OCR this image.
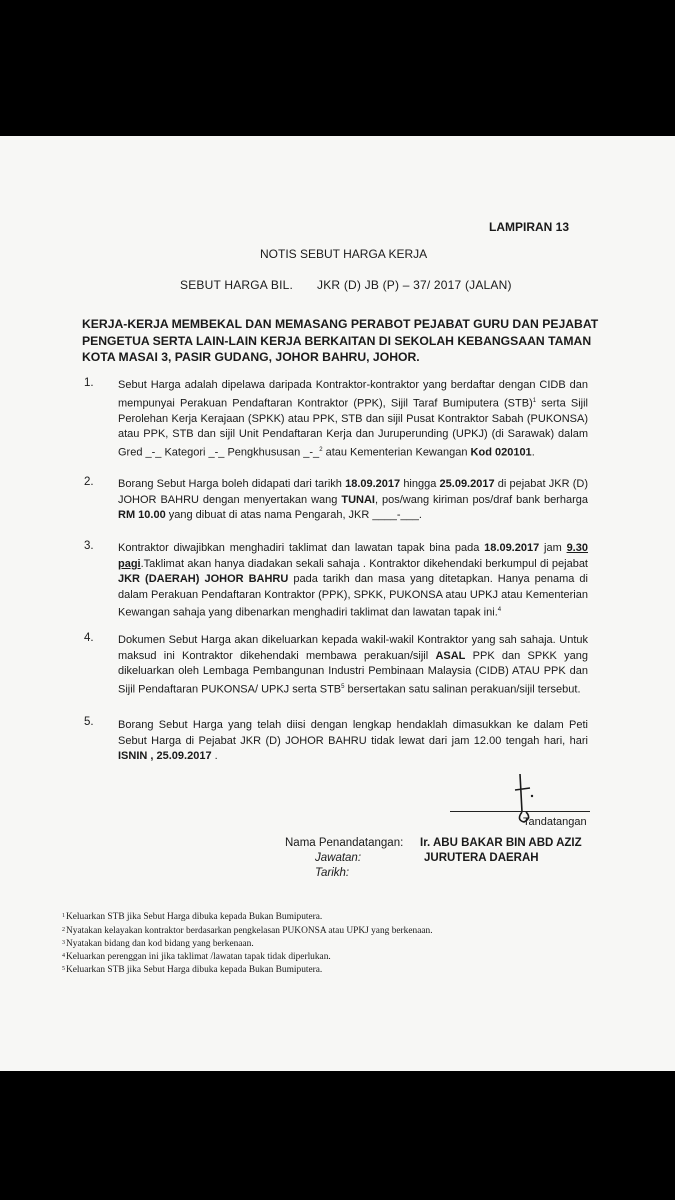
LAMPIRAN 13
NOTIS SEBUT HARGA KERJA
SEBUT HARGA BIL. JKR (D) JB (P) – 37/ 2017 (JALAN)
KERJA-KERJA MEMBEKAL DAN MEMASANG PERABOT PEJABAT GURU DAN PEJABAT PENGETUA SERTA LAIN-LAIN KERJA BERKAITAN DI SEKOLAH KEBANGSAAN TAMAN KOTA MASAI 3, PASIR GUDANG, JOHOR BAHRU, JOHOR.
1. Sebut Harga adalah dipelawa daripada Kontraktor-kontraktor yang berdaftar dengan CIDB dan mempunyai Perakuan Pendaftaran Kontraktor (PPK), Sijil Taraf Bumiputera (STB)$^1$ serta Sijil Perolehan Kerja Kerajaan (SPKK) atau PPK, STB dan sijil Pusat Kontraktor Sabah (PUKONSA) atau PPK, STB dan sijil Unit Pendaftaran Kerja dan Juruperunding (UPKJ) (di Sarawak) dalam Gred _-_ Kategori _-_ Pengkhususan _-_$^2$ atau Kementerian Kewangan Kod 020101.
2. Borang Sebut Harga boleh didapati dari tarikh 18.09.2017 hingga 25.09.2017 di pejabat JKR (D) JOHOR BAHRU dengan menyertakan wang TUNAI, pos/wang kiriman pos/draf bank berharga RM 10.00 yang dibuat di atas nama Pengarah, JKR ____-___.
3. Kontraktor diwajibkan menghadiri taklimat dan lawatan tapak bina pada 18.09.2017 jam 9.30 pagi.Taklimat akan hanya diadakan sekali sahaja . Kontraktor dikehendaki berkumpul di pejabat JKR (DAERAH) JOHOR BAHRU pada tarikh dan masa yang ditetapkan. Hanya penama di dalam Perakuan Pendaftaran Kontraktor (PPK), SPKK, PUKONSA atau UPKJ atau Kementerian Kewangan sahaja yang dibenarkan menghadiri taklimat dan lawatan tapak ini.$^4$
4. Dokumen Sebut Harga akan dikeluarkan kepada wakil-wakil Kontraktor yang sah sahaja. Untuk maksud ini Kontraktor dikehendaki membawa perakuan/sijil ASAL PPK dan SPKK yang dikeluarkan oleh Lembaga Pembangunan Industri Pembinaan Malaysia (CIDB) ATAU PPK dan Sijil Pendaftaran PUKONSA/ UPKJ serta STB$^5$ bersertakan satu salinan perakuan/sijil tersebut.
5. Borang Sebut Harga yang telah diisi dengan lengkap hendaklah dimasukkan ke dalam Peti Sebut Harga di Pejabat JKR (D) JOHOR BAHRU tidak lewat dari jam 12.00 tengah hari, hari ISNIN , 25.09.2017 .
Tandatangan
Nama Penandatangan:
Jawatan:
Tarikh:
Ir. ABU BAKAR BIN ABD AZIZ
JURUTERA DAERAH
$^1$Keluarkan STB jika Sebut Harga dibuka kepada Bukan Bumiputera.
$^2$Nyatakan kelayakan kontraktor berdasarkan pengkelasan PUKONSA atau UPKJ yang berkenaan.
$^3$Nyatakan bidang dan kod bidang yang berkenaan.
$^4$Keluarkan perenggan ini jika taklimat /lawatan tapak tidak diperlukan.
$^5$Keluarkan STB jika Sebut Harga dibuka kepada Bukan Bumiputera.
